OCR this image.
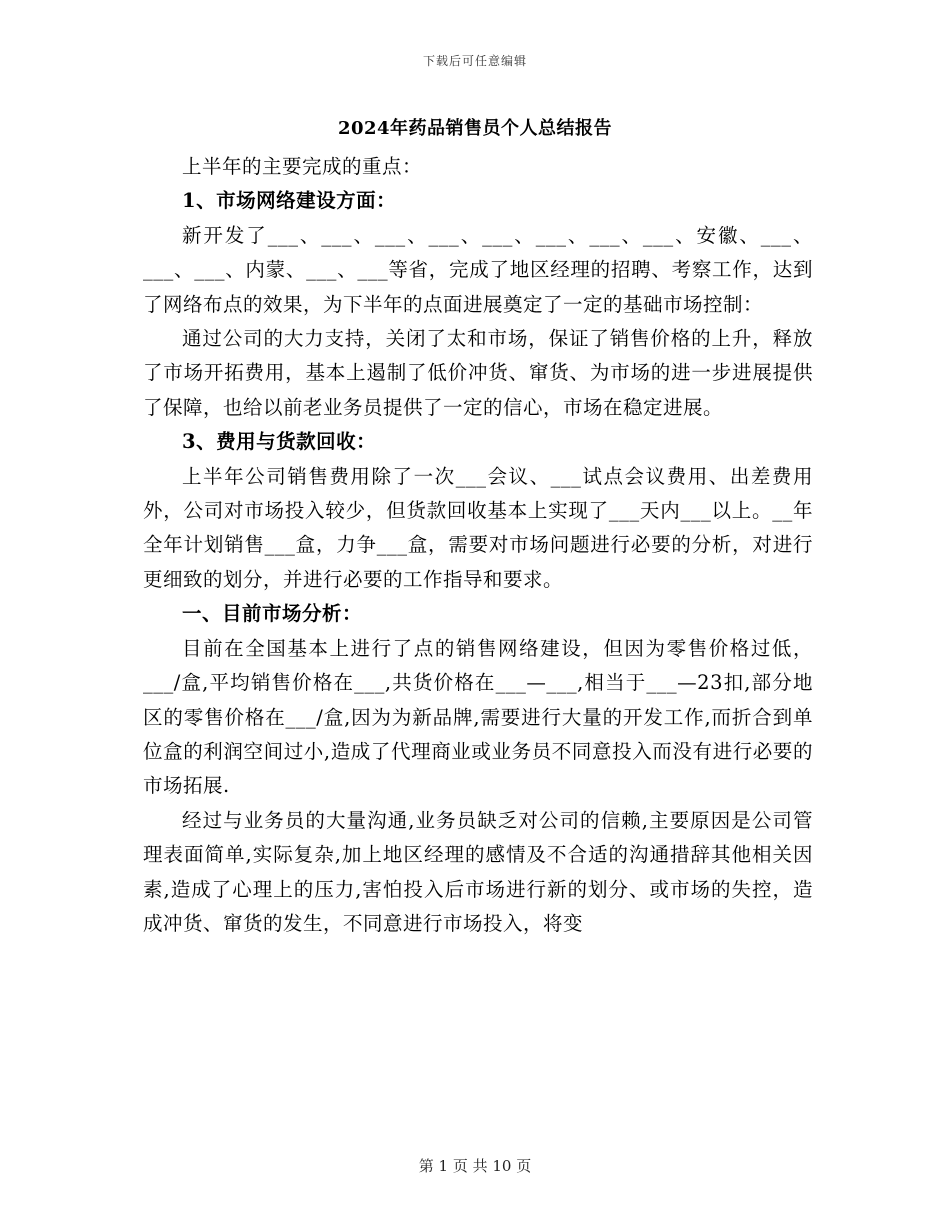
下载后可任意编辑
2024年药品销售员个人总结报告

上半年的主要完成的重点：

1、市场网络建设方面：

新开发了___、___、___、___、___、___、___、___、安徽、___、___、___、内蒙、___、___等省，完成了地区经理的招聘、考察工作，达到了网络布点的效果，为下半年的点面进展奠定了一定的基础市场控制：

通过公司的大力支持，关闭了太和市场，保证了销售价格的上升，释放了市场开拓费用，基本上遏制了低价冲货、窜货、为市场的进一步进展提供了保障，也给以前老业务员提供了一定的信心，市场在稳定进展。

3、费用与货款回收：

上半年公司销售费用除了一次___会议、___试点会议费用、出差费用外，公司对市场投入较少，但货款回收基本上实现了___天内___以上。__年全年计划销售___盒，力争___盒，需要对市场问题进行必要的分析，对进行更细致的划分，并进行必要的工作指导和要求。

一、目前市场分析：

目前在全国基本上进行了点的销售网络建设，但因为零售价格过低，___/盒,平均销售价格在___,共货价格在___—___,相当于___—23扣,部分地区的零售价格在___/盒,因为为新品牌,需要进行大量的开发工作,而折合到单位盒的利润空间过小,造成了代理商业或业务员不同意投入而没有进行必要的市场拓展.

经过与业务员的大量沟通,业务员缺乏对公司的信赖,主要原因是公司管理表面简单,实际复杂,加上地区经理的感情及不合适的沟通措辞其他相关因素,造成了心理上的压力,害怕投入后市场进行新的划分、或市场的失控，造成冲货、窜货的发生，不同意进行市场投入，将变

第 1 页 共 10 页
